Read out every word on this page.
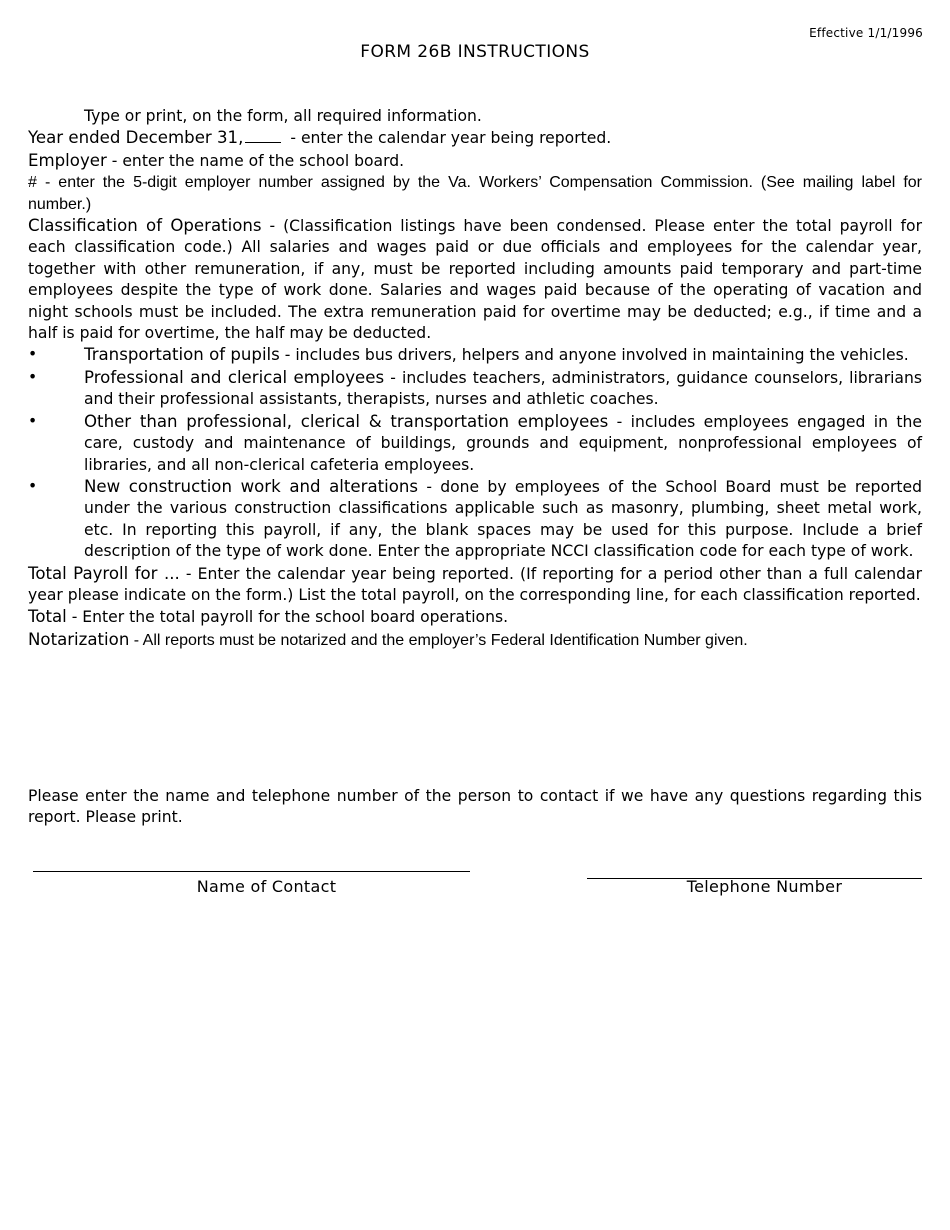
Effective 1/1/1996
FORM 26B INSTRUCTIONS

Type or print, on the form, all required information.

Year ended December 31,	- enter the calendar year being reported.

Employer - enter the name of the school board.

# - enter the 5-digit employer number assigned by the Va. Workers’ Compensation Commission. (See mailing label for number.)

Classification of Operations - (Classification listings have been condensed. Please enter the total payroll for each classification code.) All salaries and wages paid or due officials and employees for the calendar year, together with other remuneration, if any, must be reported including amounts paid temporary and part-time employees despite the type of work done. Salaries and wages paid because of the operating of vacation and night schools must be included. The extra remuneration paid for overtime may be deducted; e.g., if time and a half is paid for overtime, the half may be deducted.

•	Transportation of pupils - includes bus drivers, helpers and anyone involved in maintaining the vehicles.
•	Professional and clerical employees - includes teachers, administrators, guidance counselors, librarians and their professional assistants, therapists, nurses and athletic coaches.
•	Other than professional, clerical & transportation employees - includes employees engaged in the care, custody and maintenance of buildings, grounds and equipment, nonprofessional employees of libraries, and all non-clerical cafeteria employees.
•	New construction work and alterations - done by employees of the School Board must be reported under the various construction classifications applicable such as masonry, plumbing, sheet metal work, etc. In reporting this payroll, if any, the blank spaces may be used for this purpose. Include a brief description of the type of work done. Enter the appropriate NCCI classification code for each type of work.

Total Payroll for ... - Enter the calendar year being reported. (If reporting for a period other than a full calendar year please indicate on the form.) List the total payroll, on the corresponding line, for each classification reported.

Total - Enter the total payroll for the school board operations.

Notarization - All reports must be notarized and the employer’s Federal Identification Number given.

Please enter the name and telephone number of the person to contact if we have any questions regarding this report. Please print.

Name of Contact	Telephone Number
